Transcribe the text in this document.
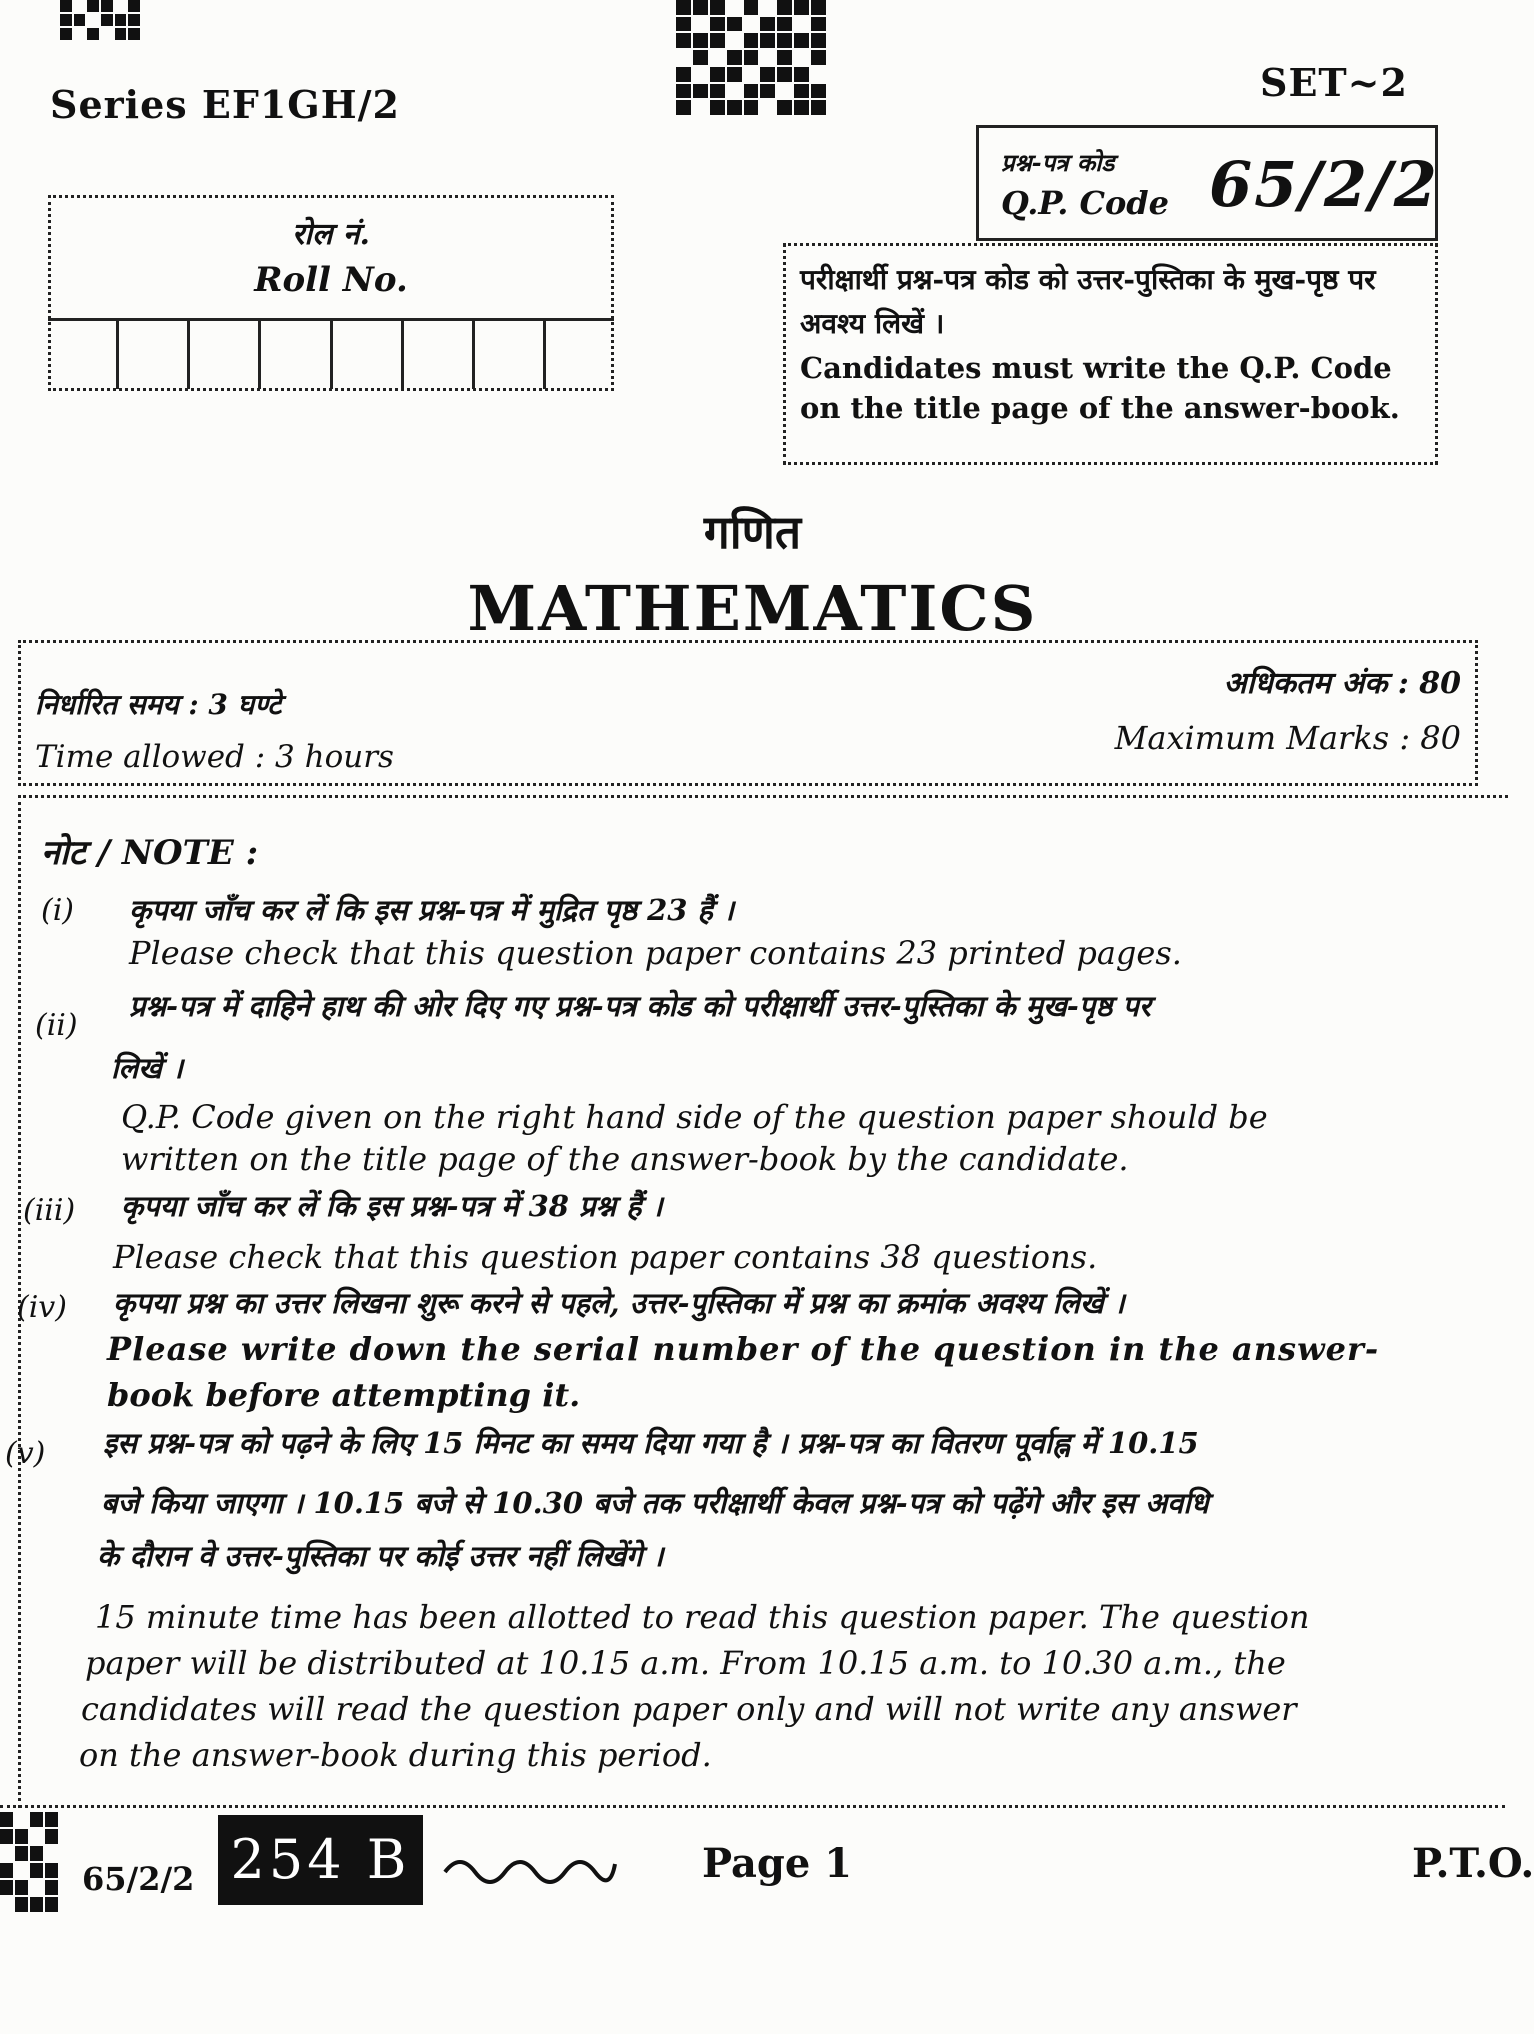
Series EF1GH/2	SET~2
प्रश्न-पत्र कोड
Q.P. Code 65/2/2
रोल नं.
Roll No.	परीक्षार्थी प्रश्न-पत्र कोड को उत्तर-पुस्तिका के मुख-पृष्ठ पर अवश्य लिखें ।
Candidates must write the Q.P. Code on the title page of the answer-book.
गणित
MATHEMATICS
निर्धारित समय : 3 घण्टे
Time allowed : 3 hours
अधिकतम अंक : 80
Maximum Marks : 80
नोट / NOTE :
(i) कृपया जाँच कर लें कि इस प्रश्न-पत्र में मुद्रित पृष्ठ 23 हैं ।
Please check that this question paper contains 23 printed pages.
(ii)
प्रश्न-पत्र में दाहिने हाथ की ओर दिए गए प्रश्न-पत्र कोड को परीक्षार्थी उत्तर-पुस्तिका के मुख-पृष्ठ पर
लिखें ।
Q.P. Code given on the right hand side of the question paper should be
written on the title page of the answer-book by the candidate.
(iii) कृपया जाँच कर लें कि इस प्रश्न-पत्र में 38 प्रश्न हैं ।
Please check that this question paper contains 38 questions.
(iv) कृपया प्रश्न का उत्तर लिखना शुरू करने से पहले, उत्तर-पुस्तिका में प्रश्न का क्रमांक अवश्य लिखें ।
Please write down the serial number of the question in the answer-
book before attempting it.
(v) इस प्रश्न-पत्र को पढ़ने के लिए 15 मिनट का समय दिया गया है । प्रश्न-पत्र का वितरण पूर्वाह्न में 10.15
बजे किया जाएगा । 10.15 बजे से 10.30 बजे तक परीक्षार्थी केवल प्रश्न-पत्र को पढ़ेंगे और इस अवधि
के दौरान वे उत्तर-पुस्तिका पर कोई उत्तर नहीं लिखेंगे ।
15 minute time has been allotted to read this question paper. The question
paper will be distributed at 10.15 a.m. From 10.15 a.m. to 10.30 a.m., the
candidates will read the question paper only and will not write any answer
on the answer-book during this period.
65/2/2 254 B	Page 1	P.T.O.
